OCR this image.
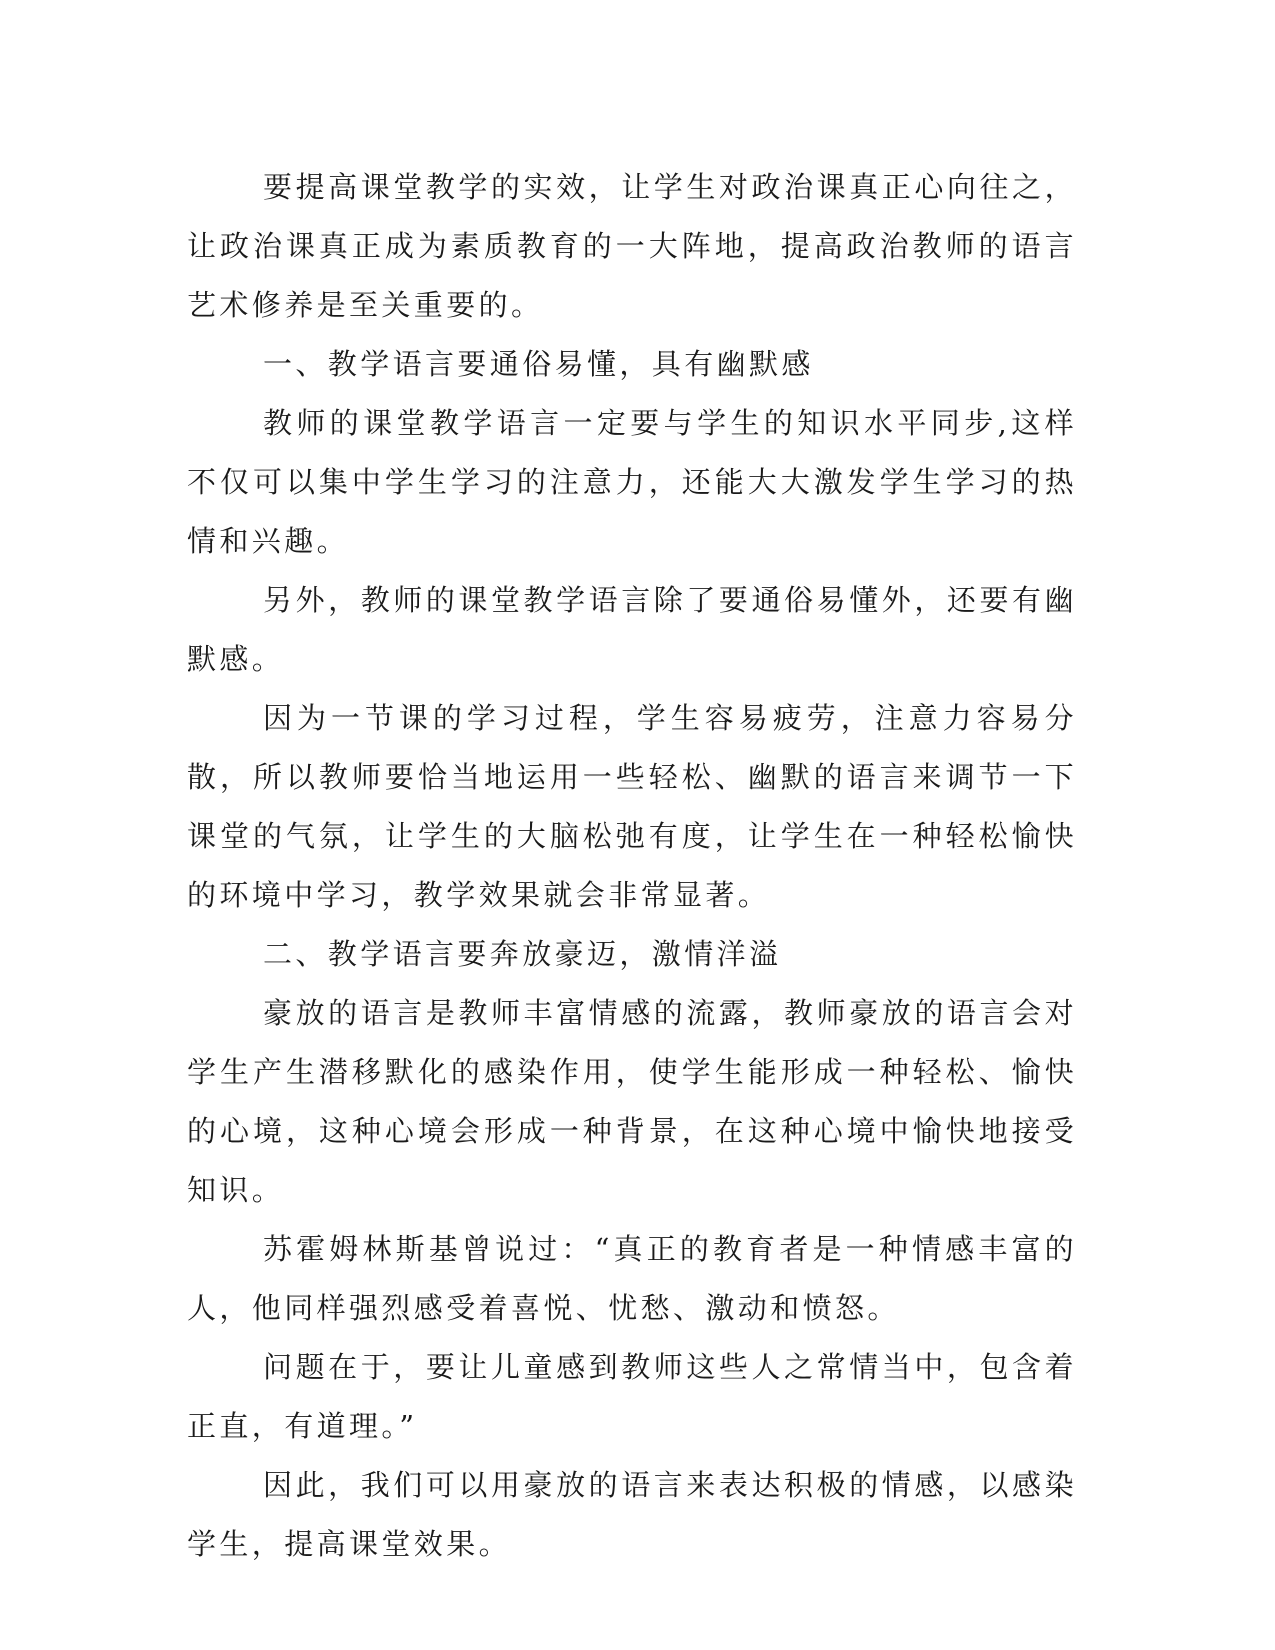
要提高课堂教学的实效，让学生对政治课真正心向往之，让政治课真正成为素质教育的一大阵地，提高政治教师的语言艺术修养是至关重要的。

一、教学语言要通俗易懂，具有幽默感

教师的课堂教学语言一定要与学生的知识水平同步,这样不仅可以集中学生学习的注意力，还能大大激发学生学习的热情和兴趣。

另外，教师的课堂教学语言除了要通俗易懂外，还要有幽默感。

因为一节课的学习过程，学生容易疲劳，注意力容易分散，所以教师要恰当地运用一些轻松、幽默的语言来调节一下课堂的气氛，让学生的大脑松弛有度，让学生在一种轻松愉快的环境中学习，教学效果就会非常显著。

二、教学语言要奔放豪迈，激情洋溢

豪放的语言是教师丰富情感的流露，教师豪放的语言会对学生产生潜移默化的感染作用，使学生能形成一种轻松、愉快的心境，这种心境会形成一种背景，在这种心境中愉快地接受知识。

苏霍姆林斯基曾说过：“真正的教育者是一种情感丰富的人，他同样强烈感受着喜悦、忧愁、激动和愤怒。

问题在于，要让儿童感到教师这些人之常情当中，包含着正直，有道理。”

因此，我们可以用豪放的语言来表达积极的情感，以感染学生，提高课堂效果。
